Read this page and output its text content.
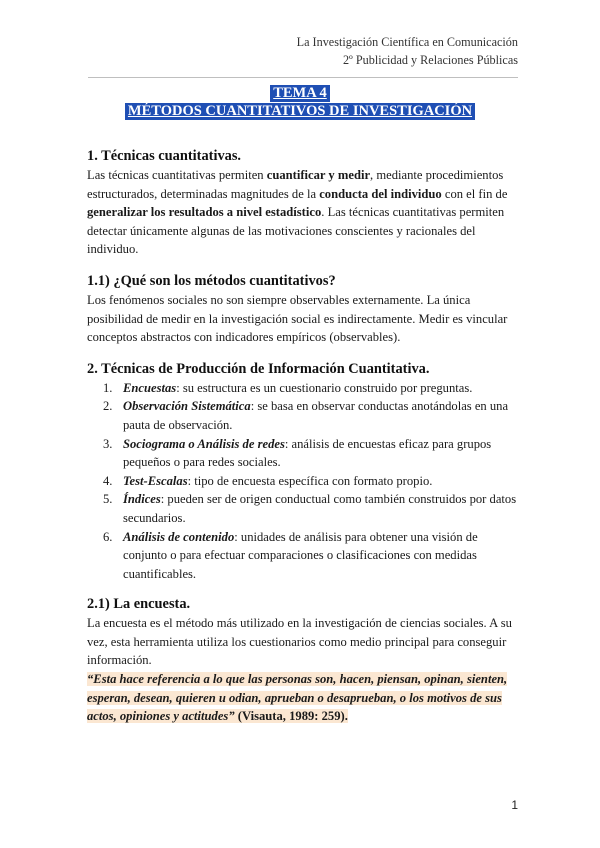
La Investigación Científica en Comunicación
2º Publicidad y Relaciones Públicas
TEMA 4
MÉTODOS CUANTITATIVOS DE INVESTIGACIÓN
1. Técnicas cuantitativas.

Las técnicas cuantitativas permiten cuantificar y medir, mediante procedimientos estructurados, determinadas magnitudes de la conducta del individuo con el fin de generalizar los resultados a nivel estadístico. Las técnicas cuantitativas permiten detectar únicamente algunas de las motivaciones conscientes y racionales del individuo.

1.1) ¿Qué son los métodos cuantitativos?

Los fenómenos sociales no son siempre observables externamente. La única posibilidad de medir en la investigación social es indirectamente. Medir es vincular conceptos abstractos con indicadores empíricos (observables).

2. Técnicas de Producción de Información Cuantitativa.
1. Encuestas: su estructura es un cuestionario construido por preguntas.
2. Observación Sistemática: se basa en observar conductas anotándolas en una pauta de observación.
3. Sociograma o Análisis de redes: análisis de encuestas eficaz para grupos pequeños o para redes sociales.
4. Test-Escalas: tipo de encuesta específica con formato propio.
5. Índices: pueden ser de origen conductual como también construidos por datos secundarios.
6. Análisis de contenido: unidades de análisis para obtener una visión de conjunto o para efectuar comparaciones o clasificaciones con medidas cuantificables.
2.1) La encuesta.

La encuesta es el método más utilizado en la investigación de ciencias sociales. A su vez, esta herramienta utiliza los cuestionarios como medio principal para conseguir información.

“Esta hace referencia a lo que las personas son, hacen, piensan, opinan, sienten, esperan, desean, quieren u odian, aprueban o desaprueban, o los motivos de sus actos, opiniones y actitudes” (Visauta, 1989: 259).

1
